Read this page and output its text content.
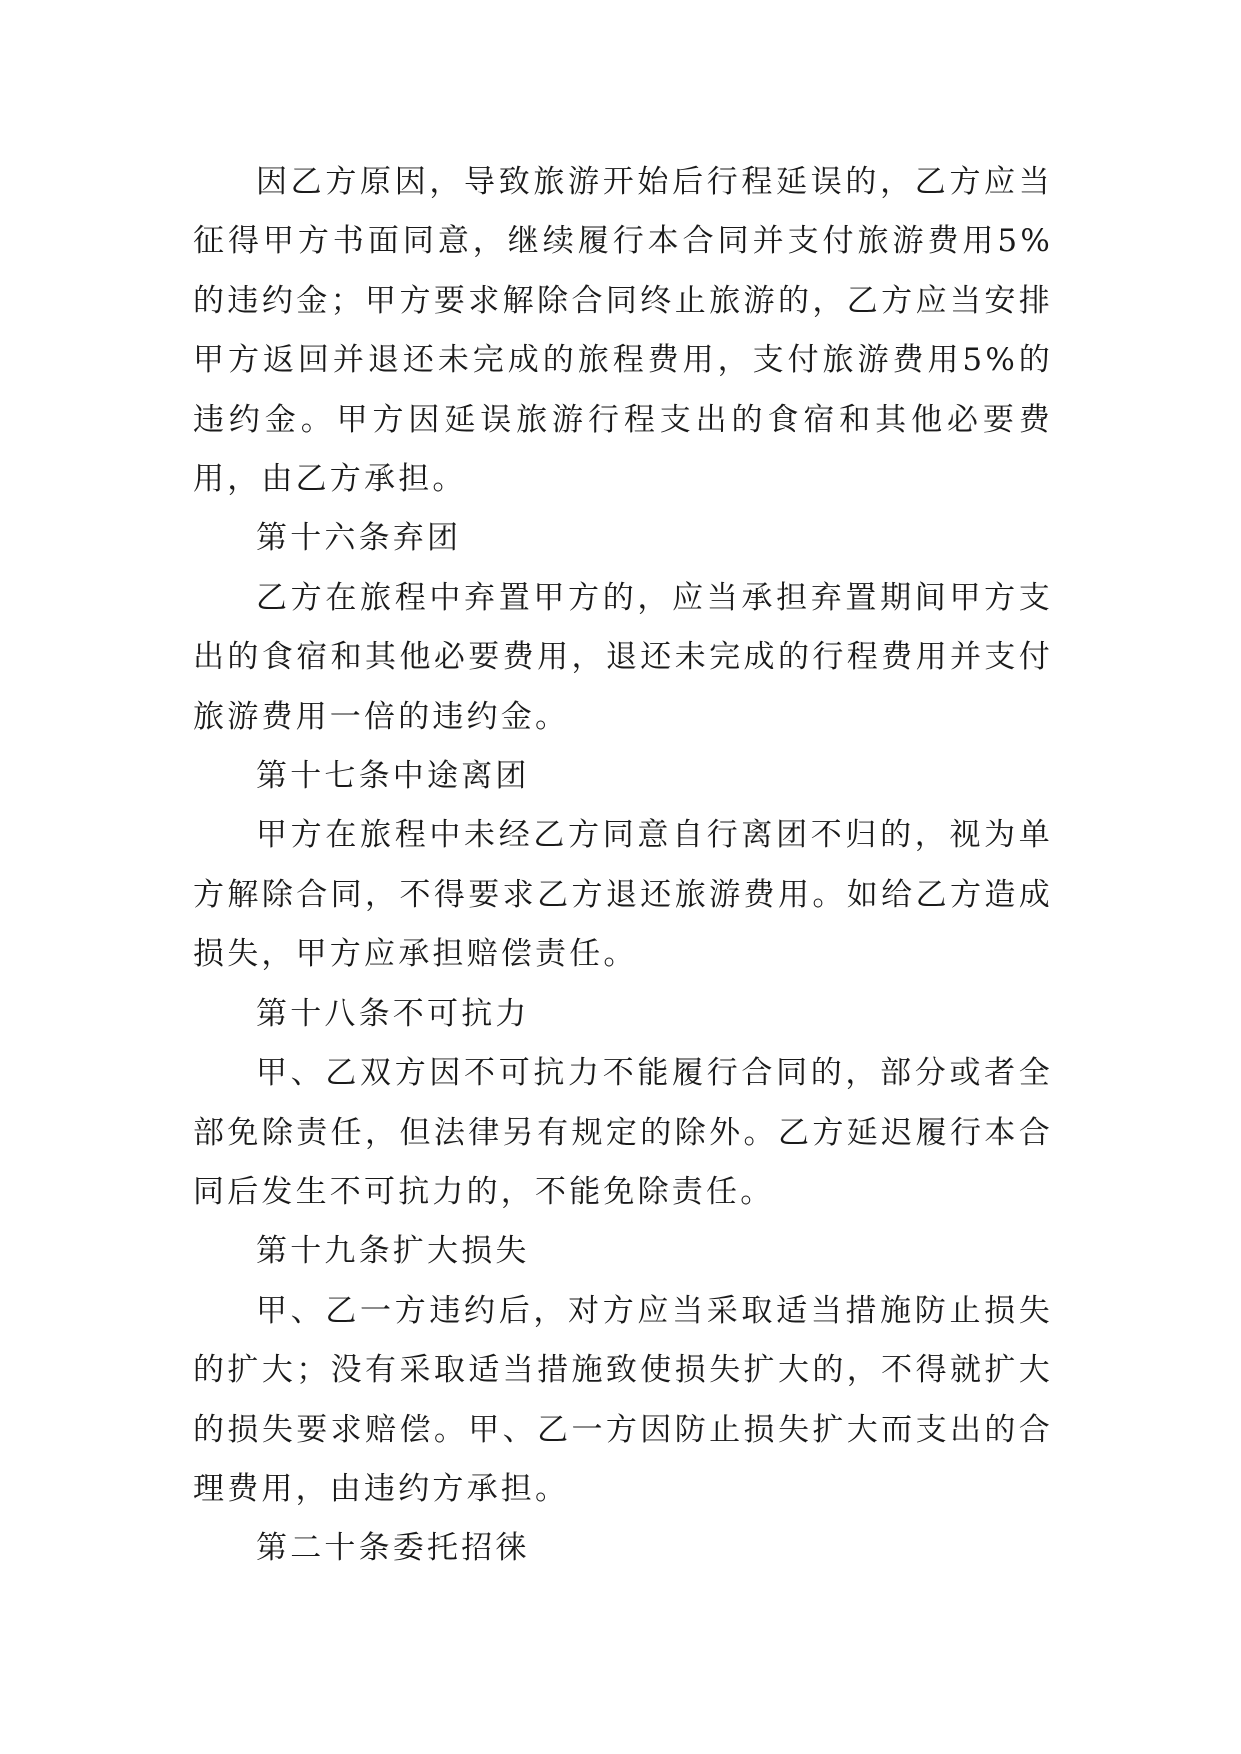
因乙方原因，导致旅游开始后行程延误的，乙方应当征得甲方书面同意，继续履行本合同并支付旅游费用5%的违约金；甲方要求解除合同终止旅游的，乙方应当安排甲方返回并退还未完成的旅程费用，支付旅游费用5%的违约金。甲方因延误旅游行程支出的食宿和其他必要费用，由乙方承担。

第十六条弃团

乙方在旅程中弃置甲方的，应当承担弃置期间甲方支出的食宿和其他必要费用，退还未完成的行程费用并支付旅游费用一倍的违约金。

第十七条中途离团

甲方在旅程中未经乙方同意自行离团不归的，视为单方解除合同，不得要求乙方退还旅游费用。如给乙方造成损失，甲方应承担赔偿责任。

第十八条不可抗力

甲、乙双方因不可抗力不能履行合同的，部分或者全部免除责任，但法律另有规定的除外。乙方延迟履行本合同后发生不可抗力的，不能免除责任。

第十九条扩大损失

甲、乙一方违约后，对方应当采取适当措施防止损失的扩大；没有采取适当措施致使损失扩大的，不得就扩大的损失要求赔偿。甲、乙一方因防止损失扩大而支出的合理费用，由违约方承担。

第二十条委托招徕
